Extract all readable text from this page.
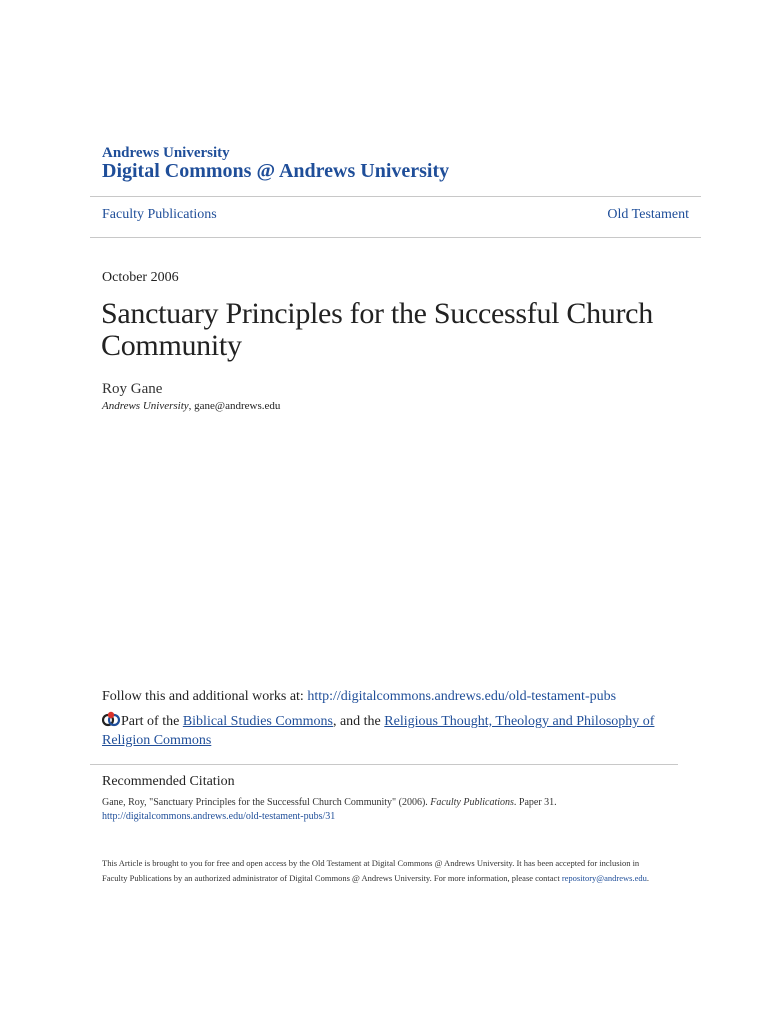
Andrews University
Digital Commons @ Andrews University
Faculty Publications	Old Testament
October 2006
Sanctuary Principles for the Successful Church Community
Roy Gane
Andrews University, gane@andrews.edu
Follow this and additional works at: http://digitalcommons.andrews.edu/old-testament-pubs
Part of the Biblical Studies Commons, and the Religious Thought, Theology and Philosophy of Religion Commons
Recommended Citation
Gane, Roy, "Sanctuary Principles for the Successful Church Community" (2006). Faculty Publications. Paper 31.
http://digitalcommons.andrews.edu/old-testament-pubs/31
This Article is brought to you for free and open access by the Old Testament at Digital Commons @ Andrews University. It has been accepted for inclusion in Faculty Publications by an authorized administrator of Digital Commons @ Andrews University. For more information, please contact repository@andrews.edu.
